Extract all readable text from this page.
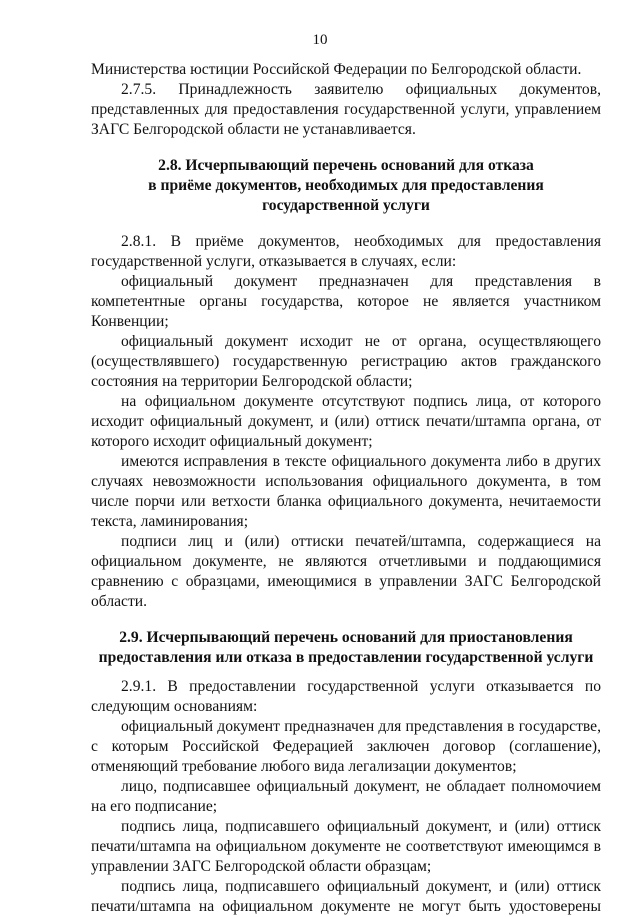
10

Министерства юстиции Российской Федерации по Белгородской области.

2.7.5. Принадлежность заявителю официальных документов, представленных для предоставления государственной услуги, управлением ЗАГС Белгородской области не устанавливается.

2.8. Исчерпывающий перечень оснований для отказа
в приёме документов, необходимых для предоставления
государственной услуги

2.8.1. В приёме документов, необходимых для предоставления государственной услуги, отказывается в случаях, если:

официальный документ предназначен для представления в компетентные органы государства, которое не является участником Конвенции;

официальный документ исходит не от органа, осуществляющего (осуществлявшего) государственную регистрацию актов гражданского состояния на территории Белгородской области;

на официальном документе отсутствуют подпись лица, от которого исходит официальный документ, и (или) оттиск печати/штампа органа, от которого исходит официальный документ;

имеются исправления в тексте официального документа либо в других случаях невозможности использования официального документа, в том числе порчи или ветхости бланка официального документа, нечитаемости текста, ламинирования;

подписи лиц и (или) оттиски печатей/штампа, содержащиеся на официальном документе, не являются отчетливыми и поддающимися сравнению с образцами, имеющимися в управлении ЗАГС Белгородской области.

2.9. Исчерпывающий перечень оснований для приостановления
предоставления или отказа в предоставлении государственной услуги

2.9.1. В предоставлении государственной услуги отказывается по следующим основаниям:

официальный документ предназначен для представления в государстве, с которым Российской Федерацией заключен договор (соглашение), отменяющий требование любого вида легализации документов;

лицо, подписавшее официальный документ, не обладает полномочием на его подписание;

подпись лица, подписавшего официальный документ, и (или) оттиск печати/штампа на официальном документе не соответствуют имеющимся в управлении ЗАГС Белгородской области образцам;

подпись лица, подписавшего официальный документ, и (или) оттиск печати/штампа на официальном документе не могут быть удостоверены
